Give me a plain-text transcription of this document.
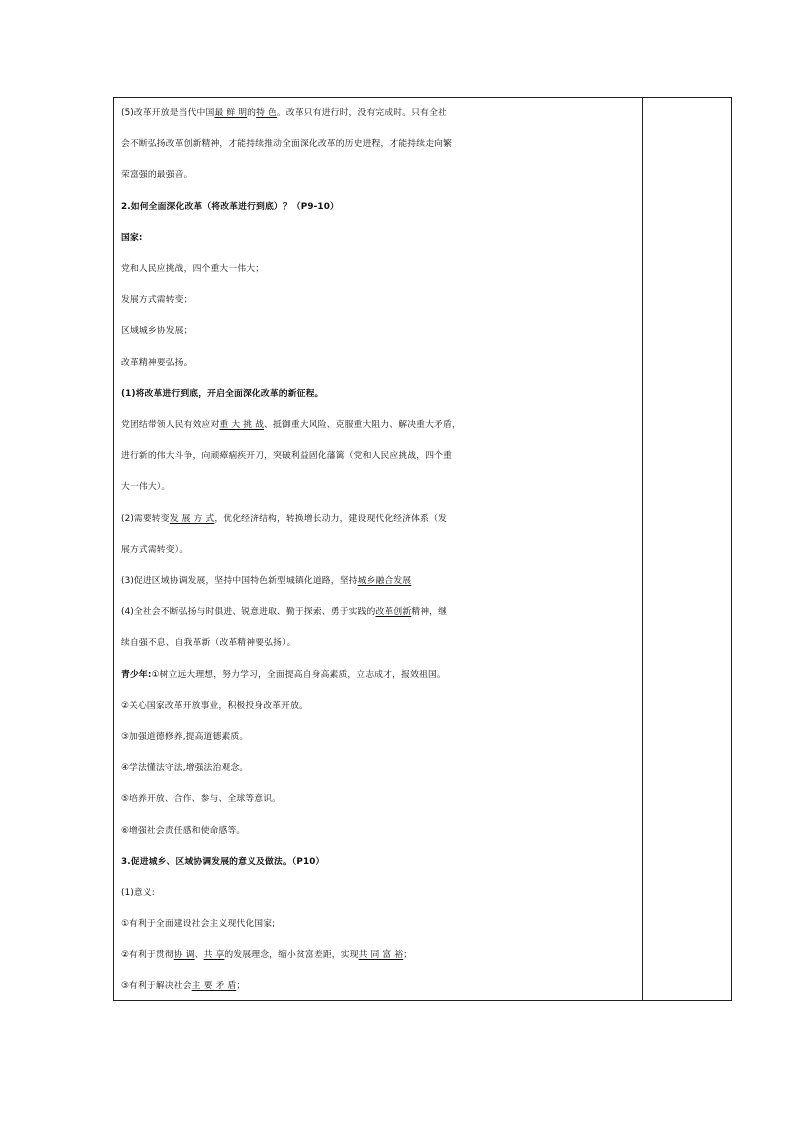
(5)改革开放是当代中国最 鲜 明的特 色。改革只有进行时，没有完成时。只有全社
会不断弘扬改革创新精神，才能持续推动全面深化改革的历史进程，才能持续走向繁
荣富强的最强音。
2.如何全面深化改革（将改革进行到底）？（P9-10）
国家:
党和人民应挑战，四个重大一伟大；
发展方式需转变；
区域城乡协发展；
改革精神要弘扬。
(1)将改革进行到底，开启全面深化改革的新征程。
党团结带领人民有效应对重 大 挑 战、抵御重大风险、克服重大阻力、解决重大矛盾，
进行新的伟大斗争，向顽瘴痼疾开刀，突破利益固化藩篱（党和人民应挑战，四个重
大一伟大）。
(2)需要转变发 展 方 式，优化经济结构，转换增长动力，建设现代化经济体系（发
展方式需转变）。
(3)促进区域协调发展，坚持中国特色新型城镇化道路，坚持城乡融合发展
(4)全社会不断弘扬与时俱进、锐意进取、勤于探索、勇于实践的改革创新精神，继
续自强不息、自我革新（改革精神要弘扬）。
青少年:①树立远大理想，努力学习，全面提高自身高素质，立志成才，报效祖国。
②关心国家改革开放事业，积极投身改革开放。
③加强道德修养,提高道德素质。
④学法懂法守法,增强法治观念。
⑤培养开放、合作、参与、全球等意识。
⑥增强社会责任感和使命感等。
3.促进城乡、区域协调发展的意义及做法。（P10）
(1)意义:
①有利于全面建设社会主义现代化国家;
②有利于贯彻协 调、共 享的发展理念，缩小贫富差距，实现共 同 富 裕；
③有利于解决社会主 要 矛 盾；
